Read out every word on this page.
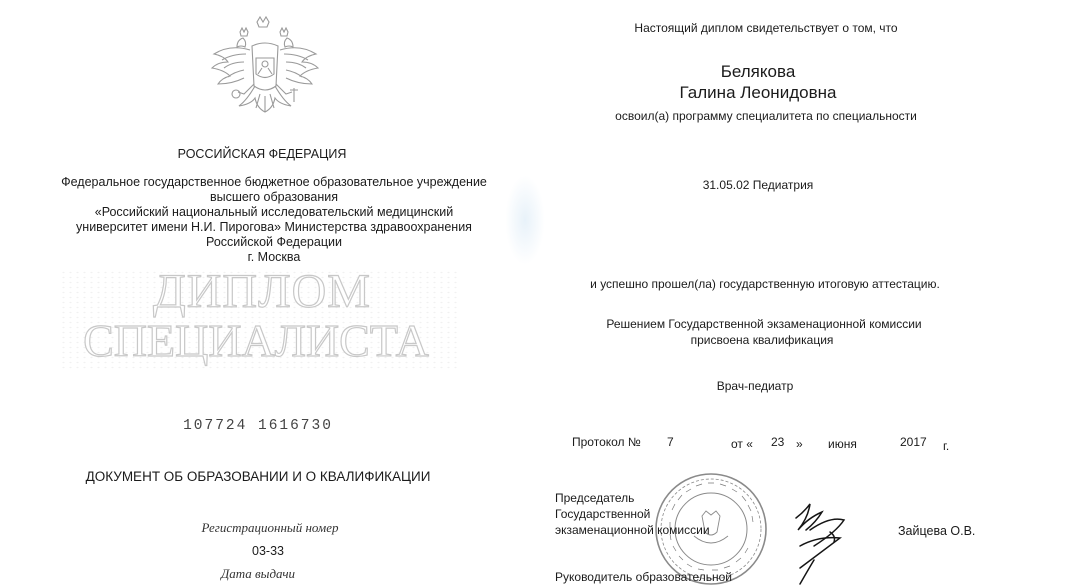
РОССИЙСКАЯ ФЕДЕРАЦИЯ
Федеральное государственное бюджетное образовательное учреждение
высшего образования
«Российский национальный исследовательский медицинский
университет имени Н.И. Пирогова» Министерства здравоохранения
Российской Федерации
г. Москва
ДИПЛОМ
СПЕЦИАЛИСТА
107724 1616730
ДОКУМЕНТ ОБ ОБРАЗОВАНИИ И О КВАЛИФИКАЦИИ
Регистрационный номер
03-33
Дата выдачи
Настоящий диплом свидетельствует о том, что
Белякова
Галина Леонидовна
освоил(а) программу специалитета по специальности
31.05.02 Педиатрия
и успешно прошел(ла) государственную итоговую аттестацию.
Решением Государственной экзаменационной комиссии
присвоена квалификация
Врач-педиатр
Протокол № 7	от « 23 » июня	2017 г.
Председатель
Государственной
экзаменационной комиссии	Зайцева О.В.
Руководитель образовательной
